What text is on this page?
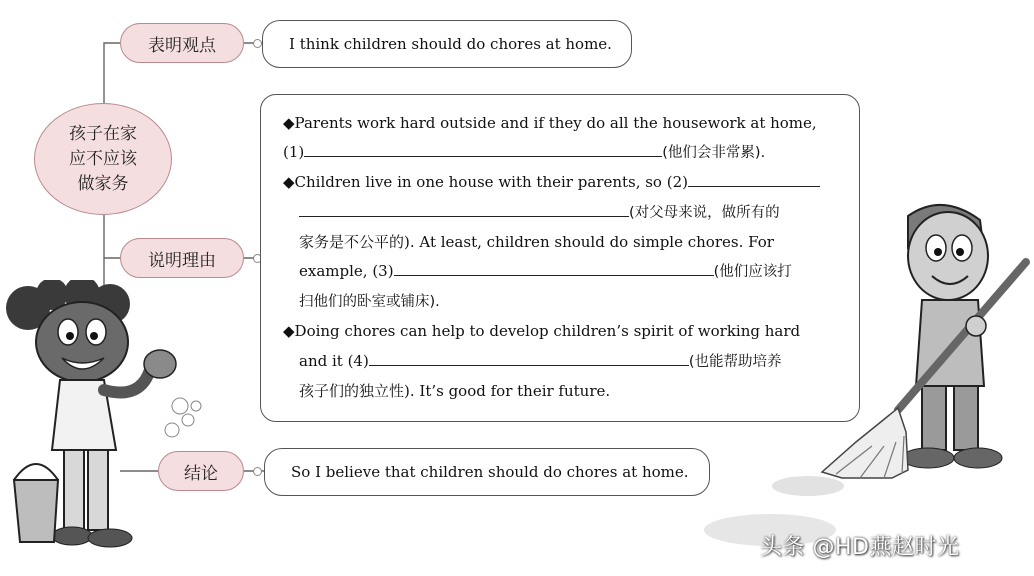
孩子在家
应不应该
做家务
表明观点
说明理由
结论
I think children should do chores at home.

◆Parents work hard outside and if they do all the housework at home,

(1)	(他们会非常累).

◆Children live in one house with their parents, so (2)

(对父母来说，做所有的

家务是不公平的). At least, children should do simple chores. For

example, (3)	(他们应该打

扫他们的卧室或铺床).

◆Doing chores can help to develop children’s spirit of working hard

and it (4)	(也能帮助培养

孩子们的独立性). It’s good for their future.

So I believe that children should do chores at home.
头条 @HD燕赵时光
